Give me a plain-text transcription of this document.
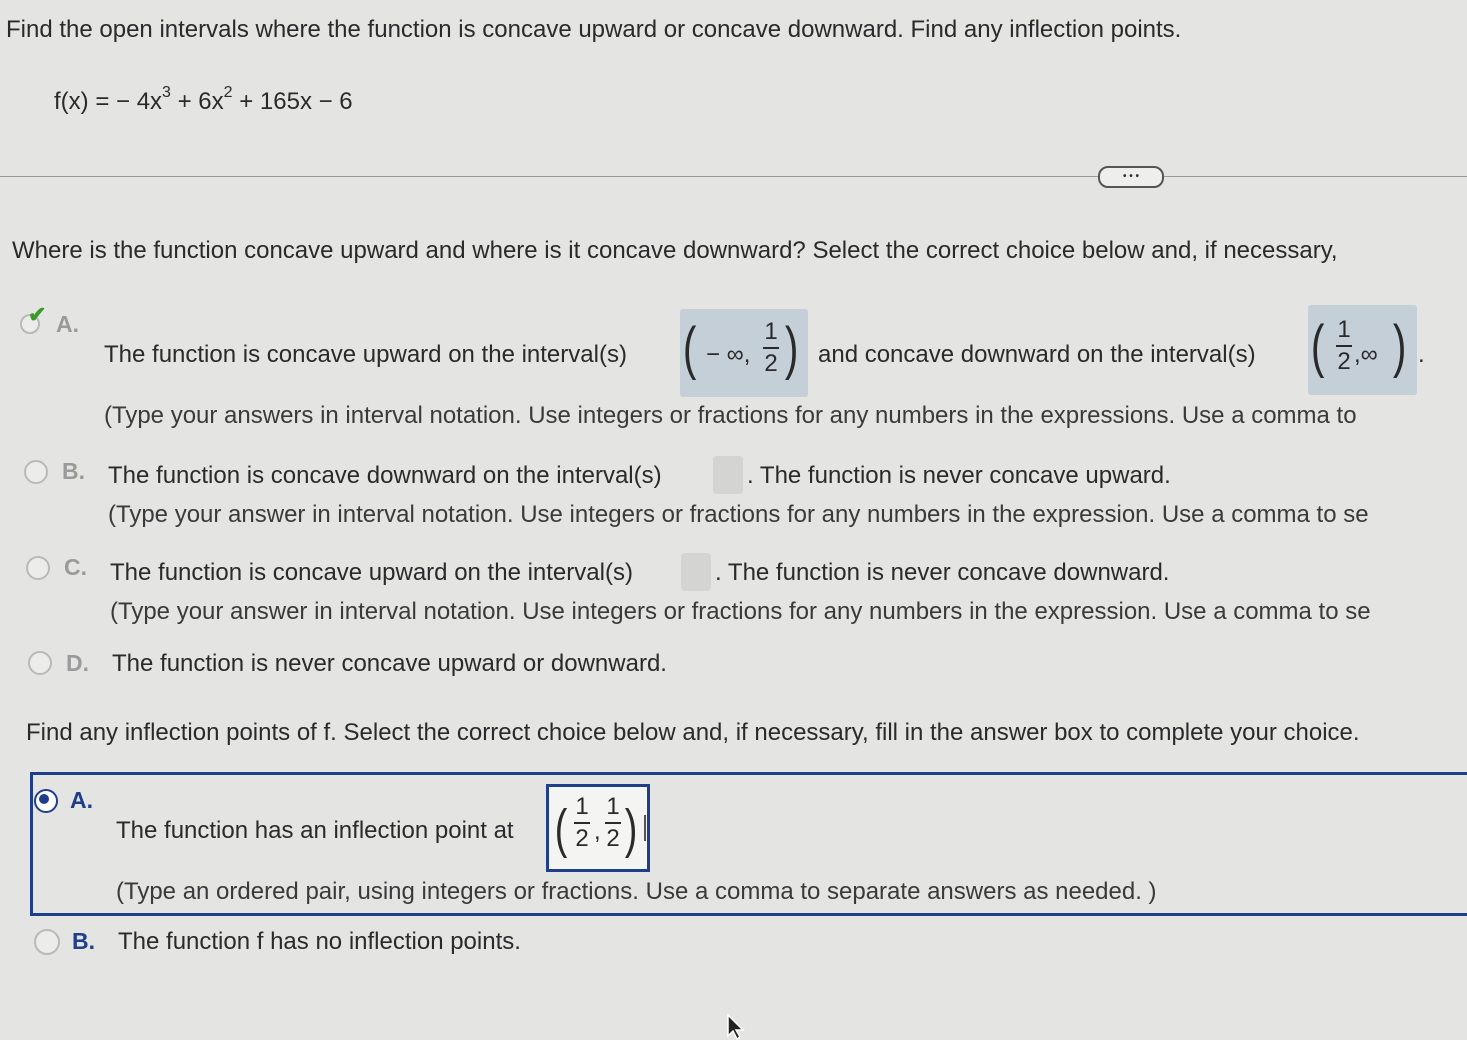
Find the open intervals where the function is concave upward or concave downward. Find any inflection points.
f(x) = − $4x^3 + 6x^2 + 165x - 6$
• • •
Where is the function concave upward and where is it concave downward? Select the correct choice below and, if necessary,
✔ A.
The function is concave upward on the interval(s) ( − ∞,
1
2 ) and concave downward on the interval(s) ( 1
2 ,∞ ) .
(Type your answers in interval notation. Use integers or fractions for any numbers in the expressions. Use a comma to
B. The function is concave downward on the interval(s)	. The function is never concave upward.
(Type your answer in interval notation. Use integers or fractions for any numbers in the expression. Use a comma to se
C. The function is concave upward on the interval(s)	. The function is never concave downward.
(Type your answer in interval notation. Use integers or fractions for any numbers in the expression. Use a comma to se
D. The function is never concave upward or downward.
Find any inflection points of f. Select the correct choice below and, if necessary, fill in the answer box to complete your choice.
A.
The function has an inflection point at ( 1
2 ,
1
2 )
(Type an ordered pair, using integers or fractions. Use a comma to separate answers as needed. )
B. The function f has no inflection points.
